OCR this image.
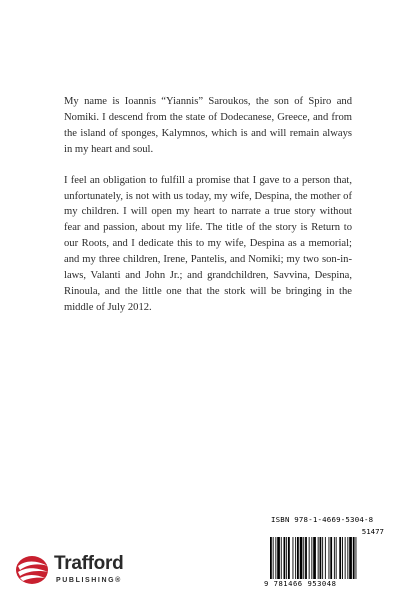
My name is Ioannis “Yiannis” Saroukos, the son of Spiro and Nomiki. I descend from the state of Dodecanese, Greece, and from the island of sponges, Kalymnos, which is and will remain always in my heart and soul.

I feel an obligation to fulfill a promise that I gave to a person that, unfortunately, is not with us today, my wife, Despina, the mother of my children. I will open my heart to narrate a true story without fear and passion, about my life. The title of the story is Return to our Roots, and I dedicate this to my wife, Despina as a memorial; and my three children, Irene, Pantelis, and Nomiki; my two son-in-laws, Valanti and John Jr.; and grandchildren, Savvina, Despina, Rinoula, and the little one that the stork will be bringing in the middle of July 2012.

Trafford
PUBLISHING®
ISBN 978-1-4669-5304-8
51477
9 781466 953048
